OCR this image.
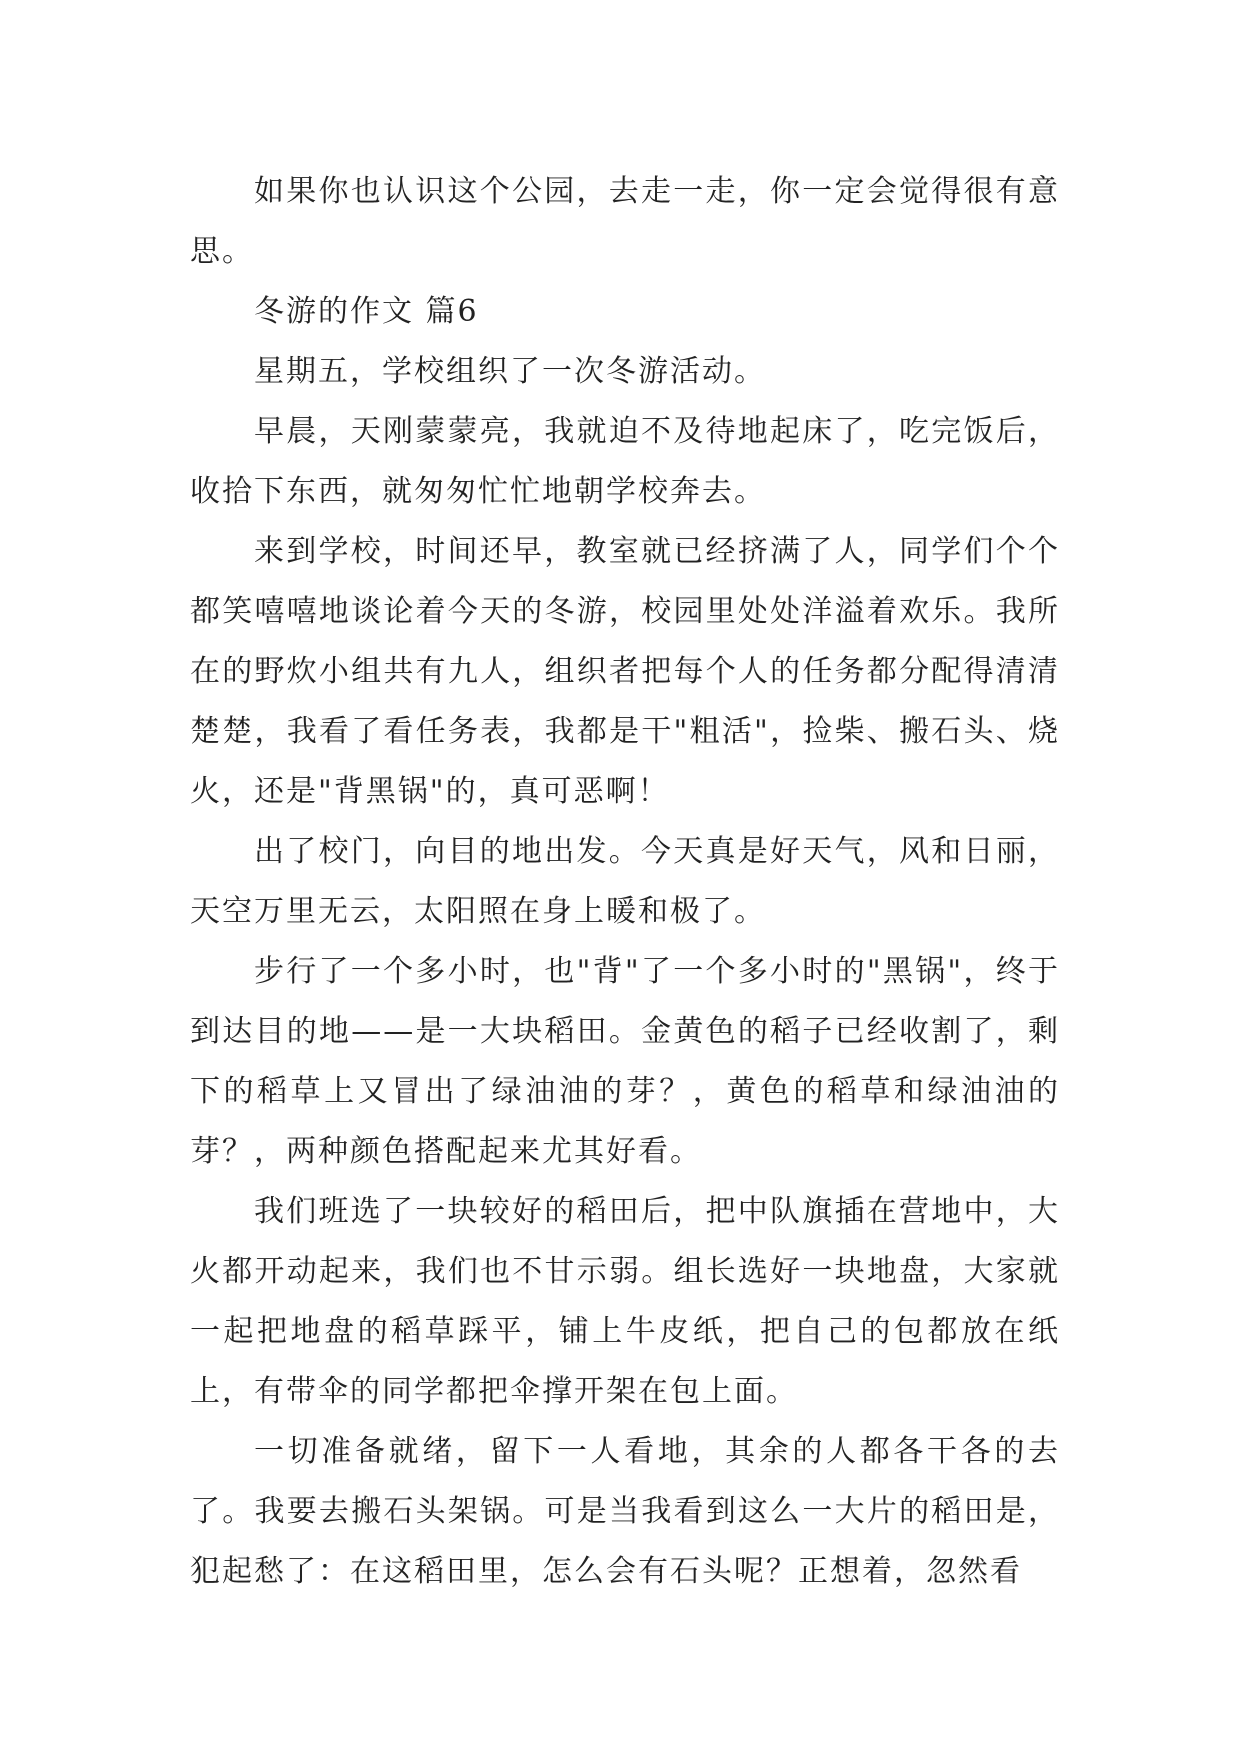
如果你也认识这个公园，去走一走，你一定会觉得很有意思。

冬游的作文 篇6

星期五，学校组织了一次冬游活动。

早晨，天刚蒙蒙亮，我就迫不及待地起床了，吃完饭后，收拾下东西，就匆匆忙忙地朝学校奔去。

来到学校，时间还早，教室就已经挤满了人，同学们个个都笑嘻嘻地谈论着今天的冬游，校园里处处洋溢着欢乐。我所在的野炊小组共有九人，组织者把每个人的任务都分配得清清楚楚，我看了看任务表，我都是干"粗活"，捡柴、搬石头、烧火，还是"背黑锅"的，真可恶啊！

出了校门，向目的地出发。今天真是好天气，风和日丽，天空万里无云，太阳照在身上暖和极了。

步行了一个多小时，也"背"了一个多小时的"黑锅"，终于到达目的地——是一大块稻田。金黄色的稻子已经收割了，剩下的稻草上又冒出了绿油油的芽？，黄色的稻草和绿油油的芽？，两种颜色搭配起来尤其好看。

我们班选了一块较好的稻田后，把中队旗插在营地中，大火都开动起来，我们也不甘示弱。组长选好一块地盘，大家就一起把地盘的稻草踩平，铺上牛皮纸，把自己的包都放在纸上，有带伞的同学都把伞撑开架在包上面。

一切准备就绪，留下一人看地，其余的人都各干各的去了。我要去搬石头架锅。可是当我看到这么一大片的稻田是，犯起愁了：在这稻田里，怎么会有石头呢？正想着，忽然看
